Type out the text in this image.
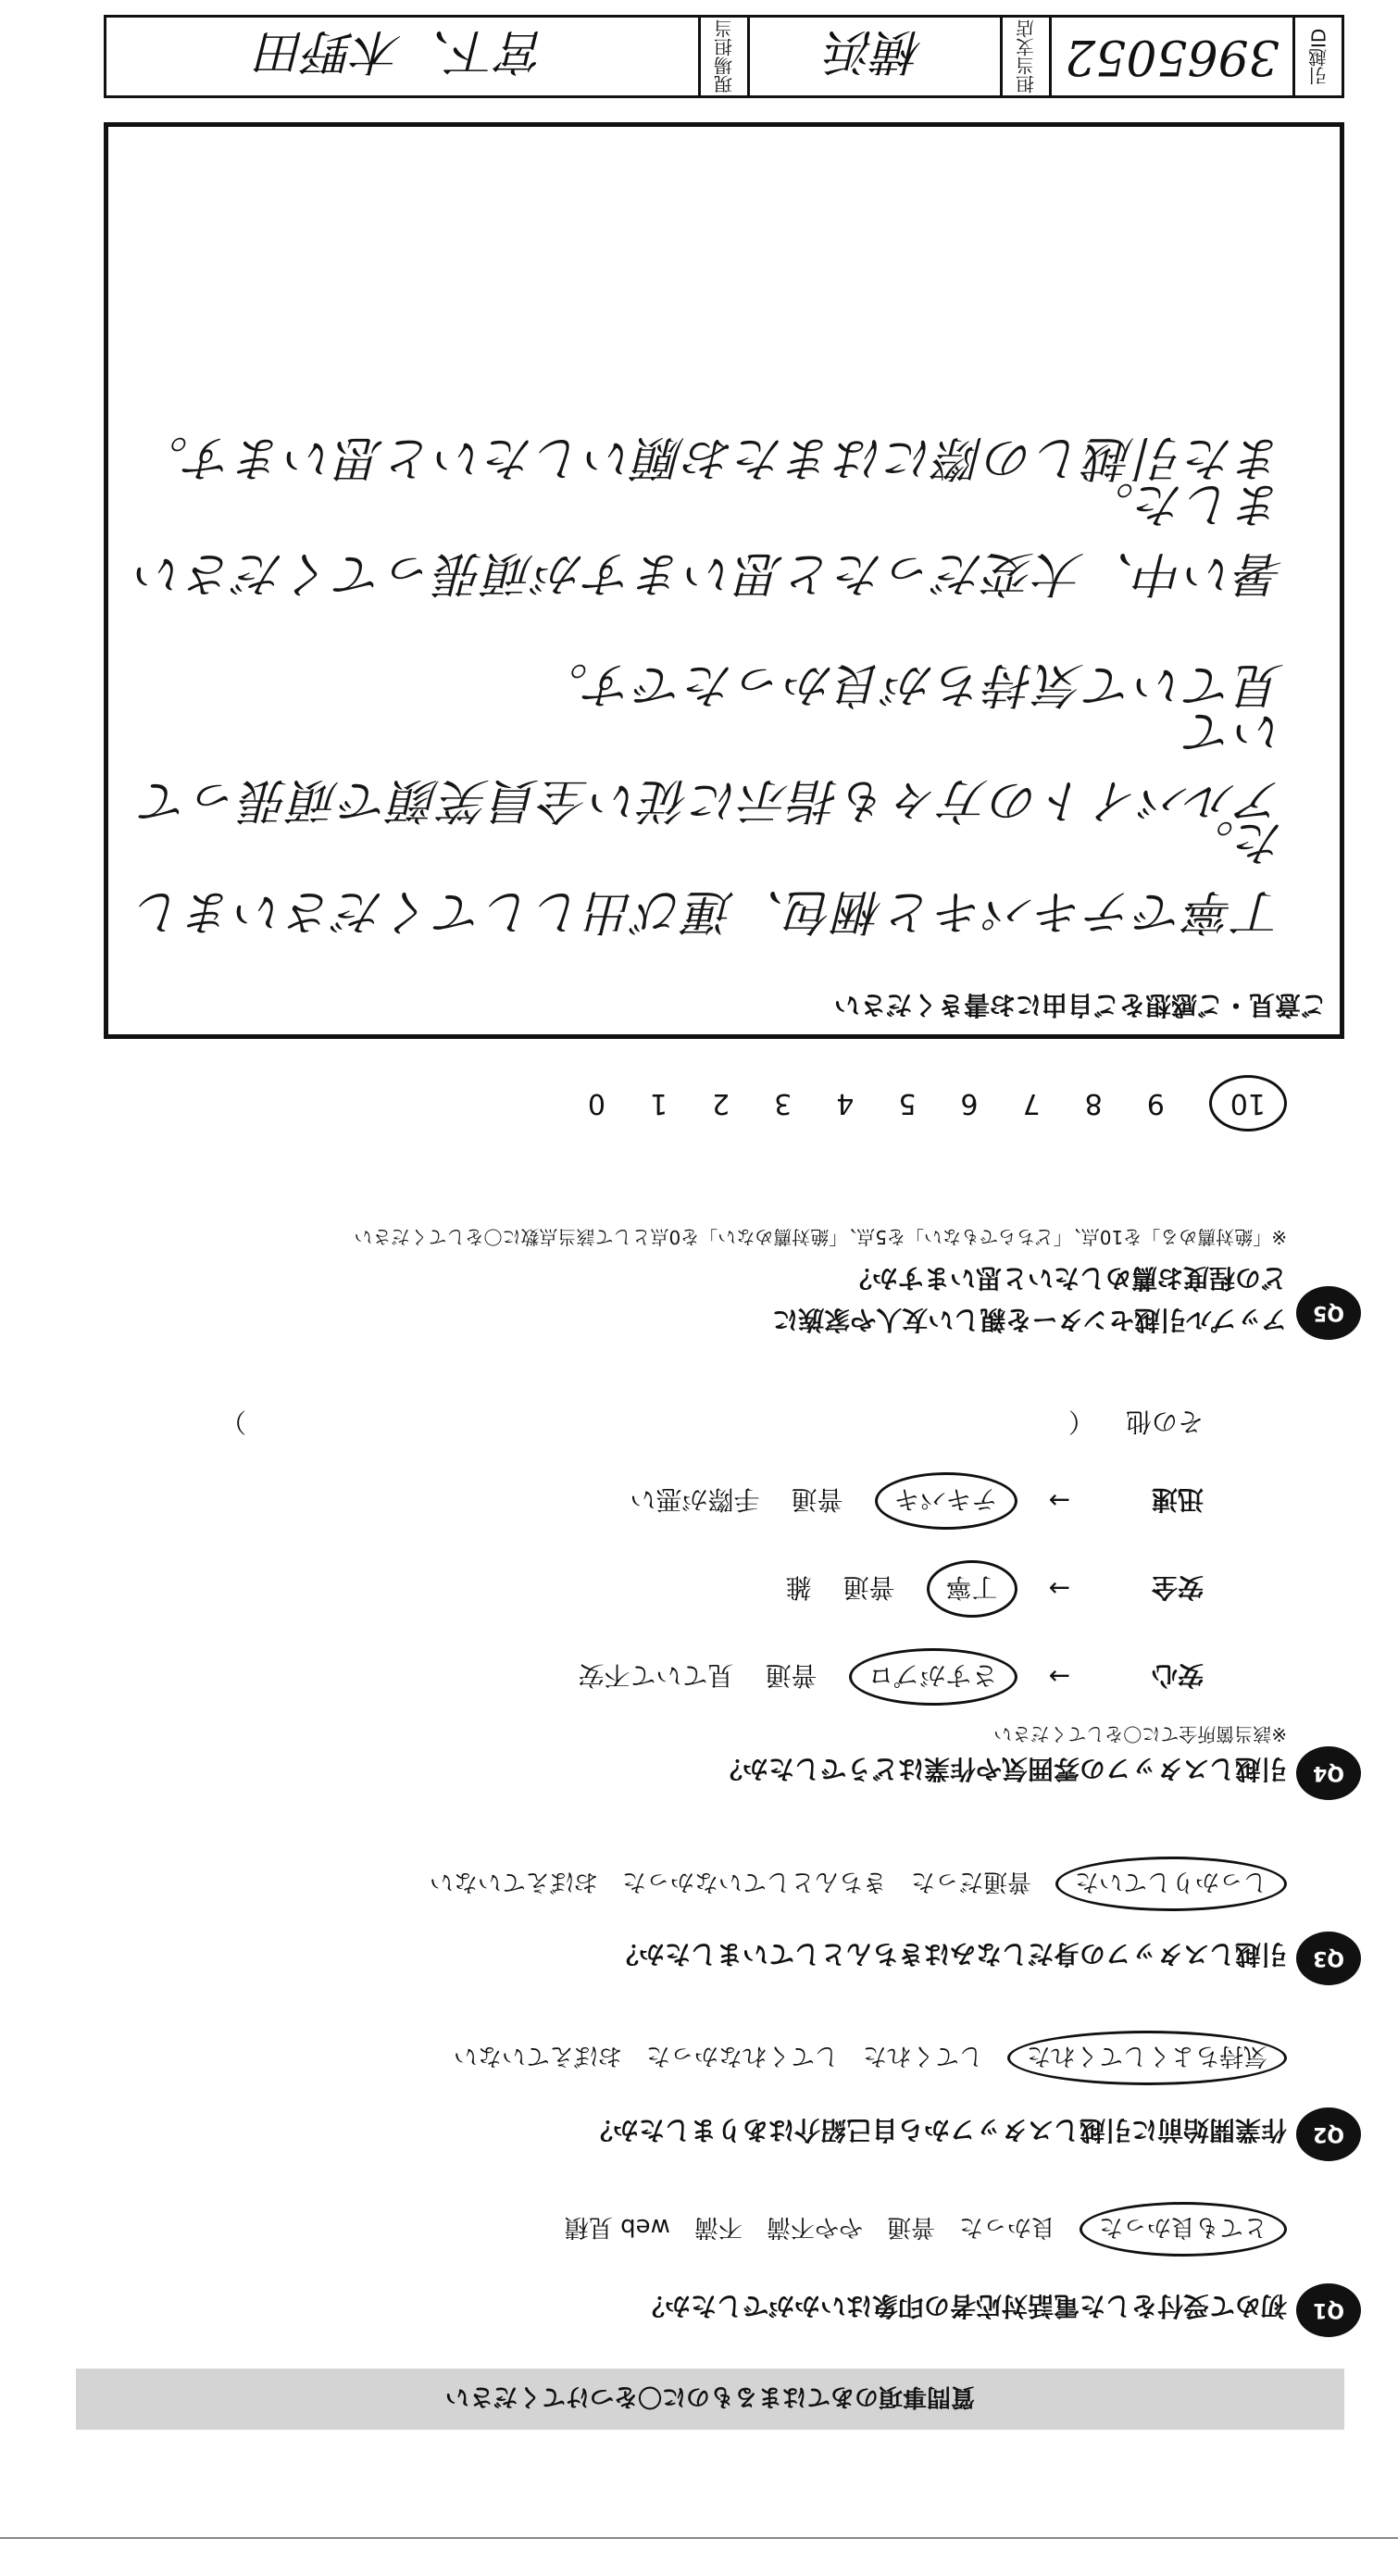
質問事項のあてはまるものに〇をつけてください
Q1
初めて受付をした電話対応者の印象はいかがでしたか？
とても良かった
良かった
普通
やや不満
不満
web 見積
Q2
作業開始前に引越しスタッフから自己紹介はありましたか？
気持ちよくしてくれた
してくれた
してくれなかった
おぼえていない
Q3
引越しスタッフの身だしなみはきちんとしていましたか？
しっかりしていた
普通だった
きちんとしていなかった
おぼえていない
Q4
引越しスタッフの雰囲気や作業はどうでしたか？
※該当箇所全てに〇をしてください
安心
→
さすがプロ
普通
見ていて不安
安全
→
丁寧
普通
雑
迅速
→
テキパキ
普通
手際が悪い
その他
（
）
Q5
アップル引越センターを親しい友人や家族に
どの程度お薦めしたいと思いますか？
※「絶対薦める」を10点、「どちらでもない」を5点、「絶対薦めない」を0点として該当点数に〇をしてください
10
9
8
7
6
5
4
3
2
1
0
ご意見・ご感想をご自由にお書きください
丁寧でテキパキと梱包、運び出ししてくださいました。
アルバイトの方々も指示に従い全員笑顔で頑張っていて
見ていて気持ちが良かったです。
暑い中、大変だったと思いますが頑張ってくださいました。
また引越しの際にはまたお願いしたいと思います。
引越ID
3965052
担当支店
横浜
現場担当
宮下、木野田
